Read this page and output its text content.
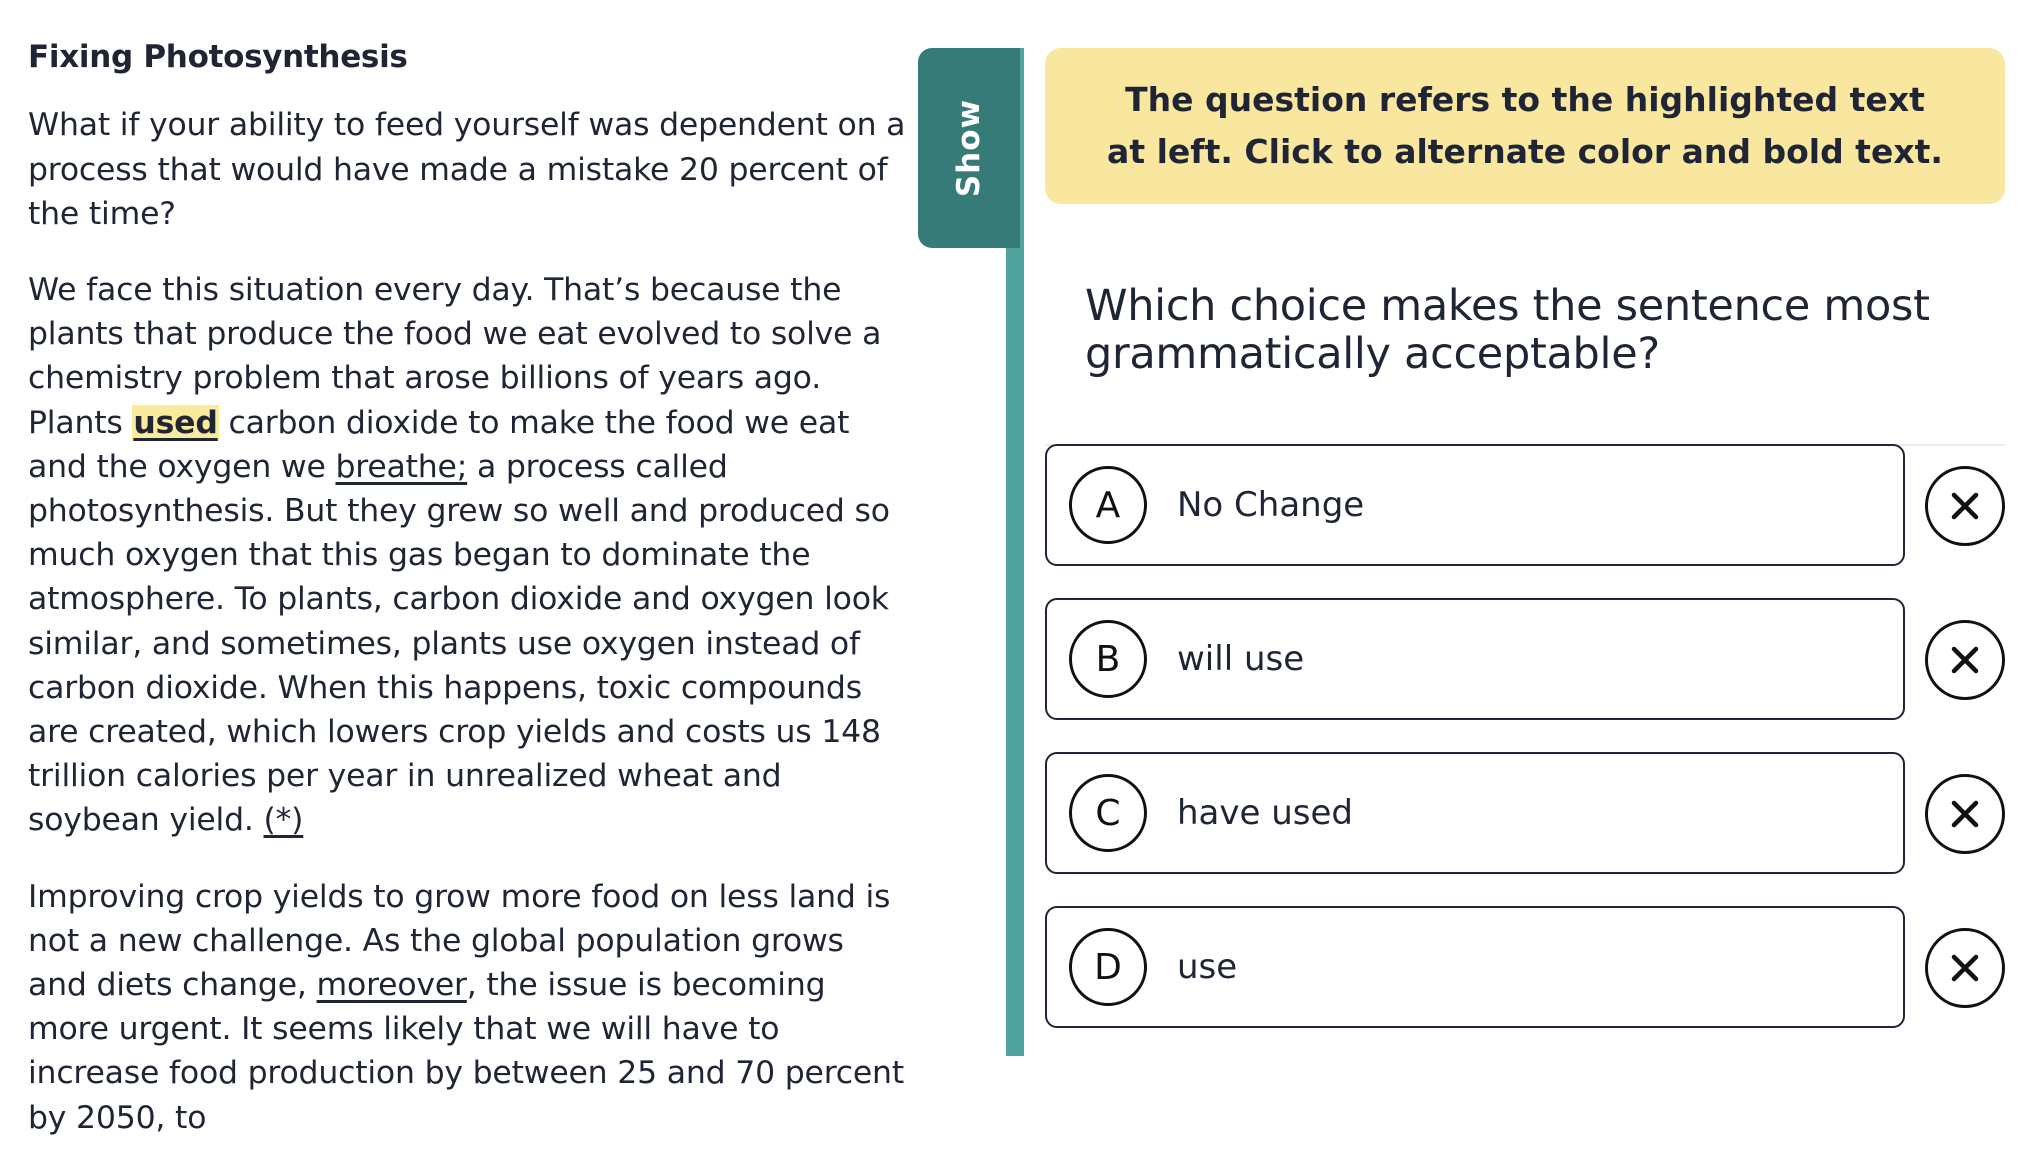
Fixing Photosynthesis

What if your ability to feed yourself was dependent on a process that would have made a mistake 20 percent of the time?

We face this situation every day. That’s because the plants that produce the food we eat evolved to solve a chemistry problem that arose billions of years ago. Plants used carbon dioxide to make the food we eat and the oxygen we breathe; a process called photosynthesis. But they grew so well and produced so much oxygen that this gas began to dominate the atmosphere. To plants, carbon dioxide and oxygen look similar, and sometimes, plants use oxygen instead of carbon dioxide. When this happens, toxic compounds are created, which lowers crop yields and costs us 148 trillion calories per year in unrealized wheat and soybean yield. (*)

Improving crop yields to grow more food on less land is not a new challenge. As the global population grows and diets change, moreover, the issue is becoming more urgent. It seems likely that we will have to increase food production by between 25 and 70 percent by 2050, to

Show	The question refers to the highlighted text at left. Click to alternate color and bold text.
Which choice makes the sentence most grammatically acceptable?
A	No Change
B	will use
C	have used
D	use
